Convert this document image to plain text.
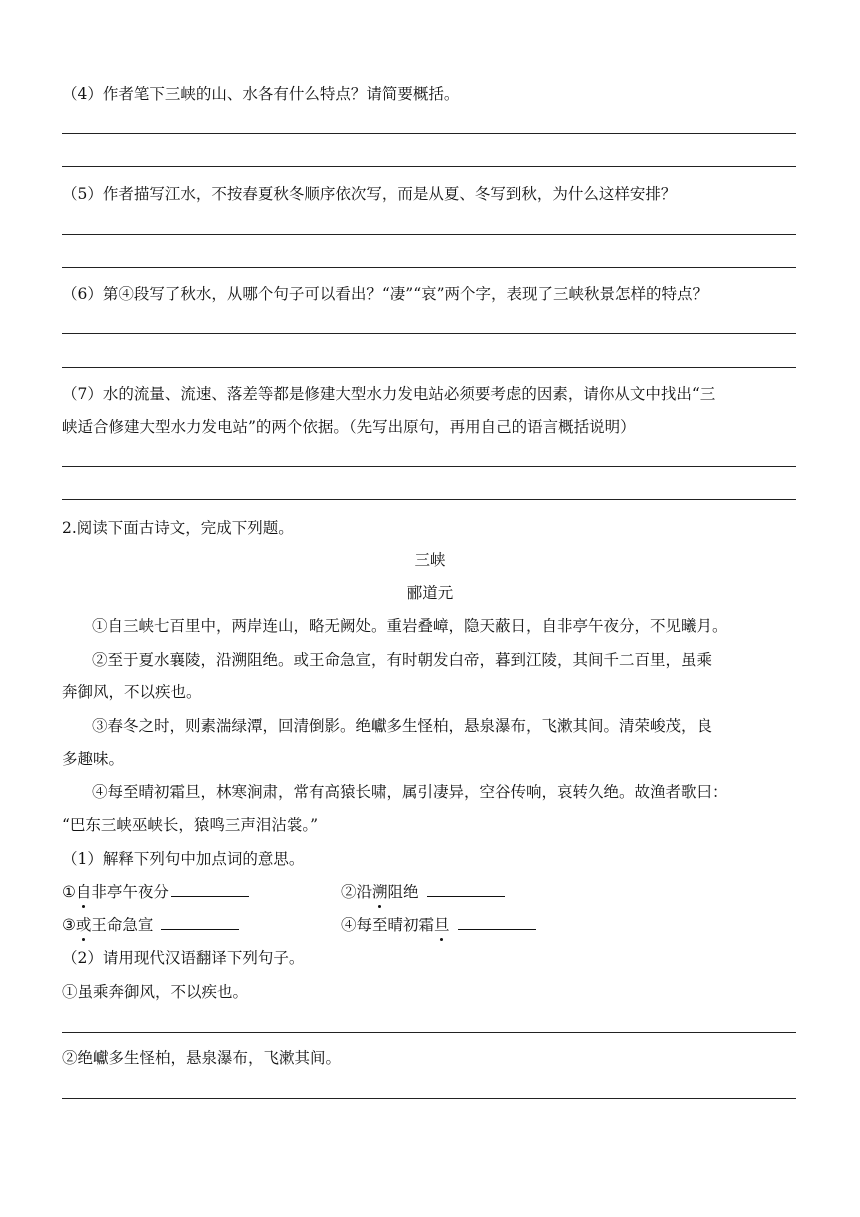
（4）作者笔下三峡的山、水各有什么特点？请简要概括。
（5）作者描写江水，不按春夏秋冬顺序依次写，而是从夏、冬写到秋，为什么这样安排？
（6）第④段写了秋水，从哪个句子可以看出？“凄”“哀”两个字，表现了三峡秋景怎样的特点？
（7）水的流量、流速、落差等都是修建大型水力发电站必须要考虑的因素，请你从文中找出“三
峡适合修建大型水力发电站”的两个依据。（先写出原句，再用自己的语言概括说明）
2.阅读下面古诗文，完成下列题。
三峡
郦道元
①自三峡七百里中，两岸连山，略无阙处。重岩叠嶂，隐天蔽日，自非亭午夜分，不见曦月。
②至于夏水襄陵，沿溯阻绝。或王命急宣，有时朝发白帝，暮到江陵，其间千二百里，虽乘
奔御风，不以疾也。
③春冬之时，则素湍绿潭，回清倒影。绝巘多生怪柏，悬泉瀑布，飞漱其间。清荣峻茂，良
多趣味。
④每至晴初霜旦，林寒涧肃，常有高猿长啸，属引凄异，空谷传响，哀转久绝。故渔者歌曰：
“巴东三峡巫峡长，猿鸣三声泪沾裳。”
（1）解释下列句中加点词的意思。
①自
非亭午夜分	②沿溯
阻绝
③或
王命急宣	④每至晴初霜旦
（2）请用现代汉语翻译下列句子。
①虽乘奔御风，不以疾也。
②绝巘多生怪柏，悬泉瀑布，飞漱其间。
